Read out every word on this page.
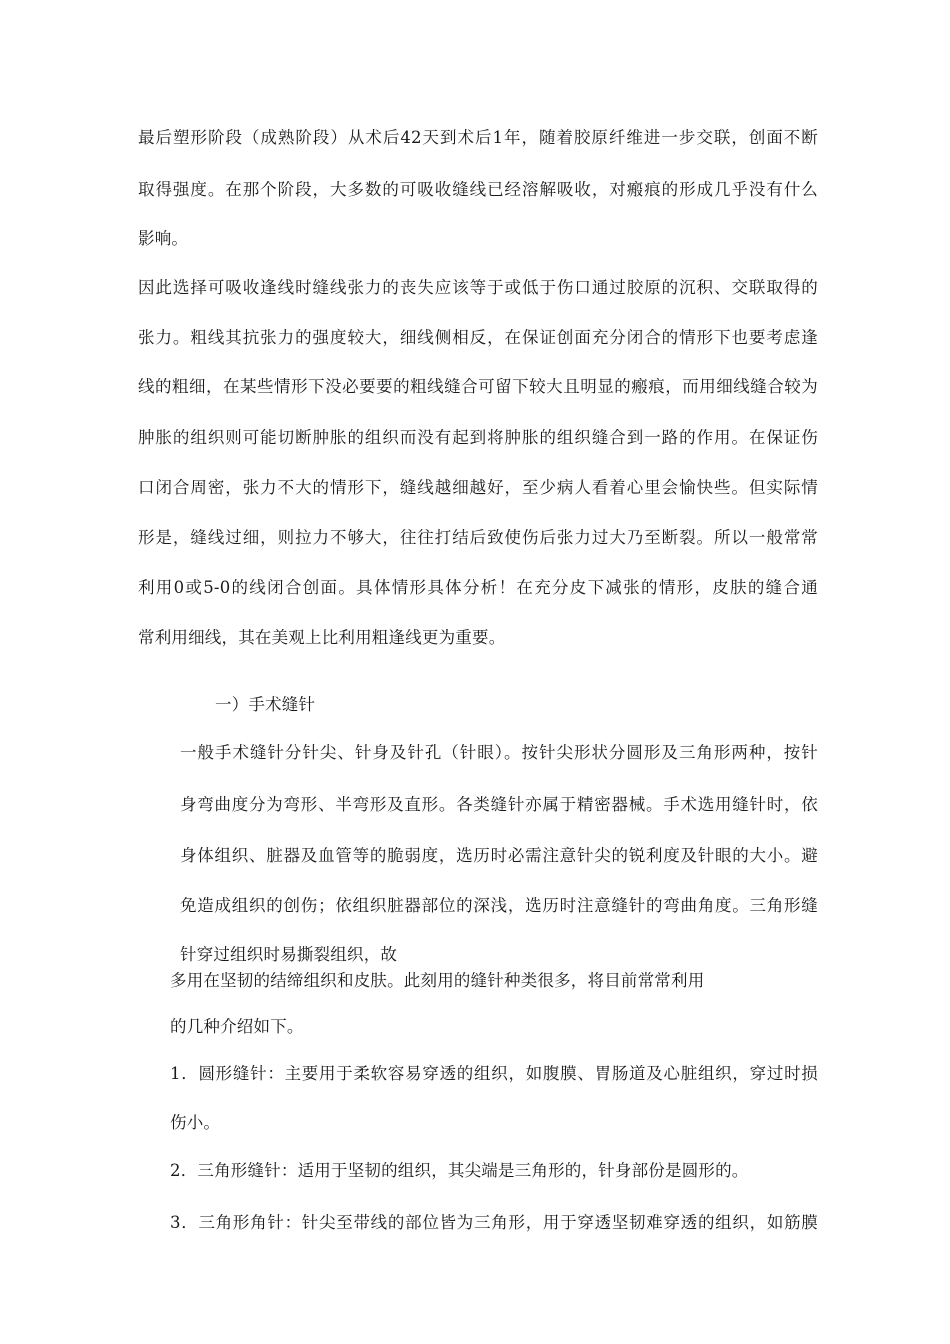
最后塑形阶段（成熟阶段）从术后42天到术后1年，随着胶原纤维进一步交联，创面不断
取得强度。在那个阶段，大多数的可吸收缝线已经溶解吸收，对瘢痕的形成几乎没有什么
影响。
因此选择可吸收逢线时缝线张力的丧失应该等于或低于伤口通过胶原的沉积、交联取得的
张力。粗线其抗张力的强度较大，细线侧相反，在保证创面充分闭合的情形下也要考虑逢
线的粗细，在某些情形下没必要要的粗线缝合可留下较大且明显的瘢痕，而用细线缝合较为
肿胀的组织则可能切断肿胀的组织而没有起到将肿胀的组织缝合到一路的作用。在保证伤
口闭合周密，张力不大的情形下，缝线越细越好，至少病人看着心里会愉快些。但实际情
形是，缝线过细，则拉力不够大，往往打结后致使伤后张力过大乃至断裂。所以一般常常
利用0或5-0的线闭合创面。具体情形具体分析！在充分皮下减张的情形，皮肤的缝合通
常利用细线，其在美观上比利用粗逢线更为重要。
一）手术缝针
一般手术缝针分针尖、针身及针孔（针眼）。按针尖形状分圆形及三角形两种，按针
身弯曲度分为弯形、半弯形及直形。各类缝针亦属于精密器械。手术选用缝针时，依
身体组织、脏器及血管等的脆弱度，选历时必需注意针尖的锐利度及针眼的大小。避
免造成组织的创伤；依组织脏器部位的深浅，选历时注意缝针的弯曲角度。三角形缝
针穿过组织时易撕裂组织，故
多用在坚韧的结缔组织和皮肤。此刻用的缝针种类很多，将目前常常利用
的几种介绍如下。
1．圆形缝针：主要用于柔软容易穿透的组织，如腹膜、胃肠道及心脏组织，穿过时损
伤小。
2．三角形缝针：适用于坚韧的组织，其尖端是三角形的，针身部份是圆形的。
3．三角形角针：针尖至带线的部位皆为三角形，用于穿透坚韧难穿透的组织，如筋膜
